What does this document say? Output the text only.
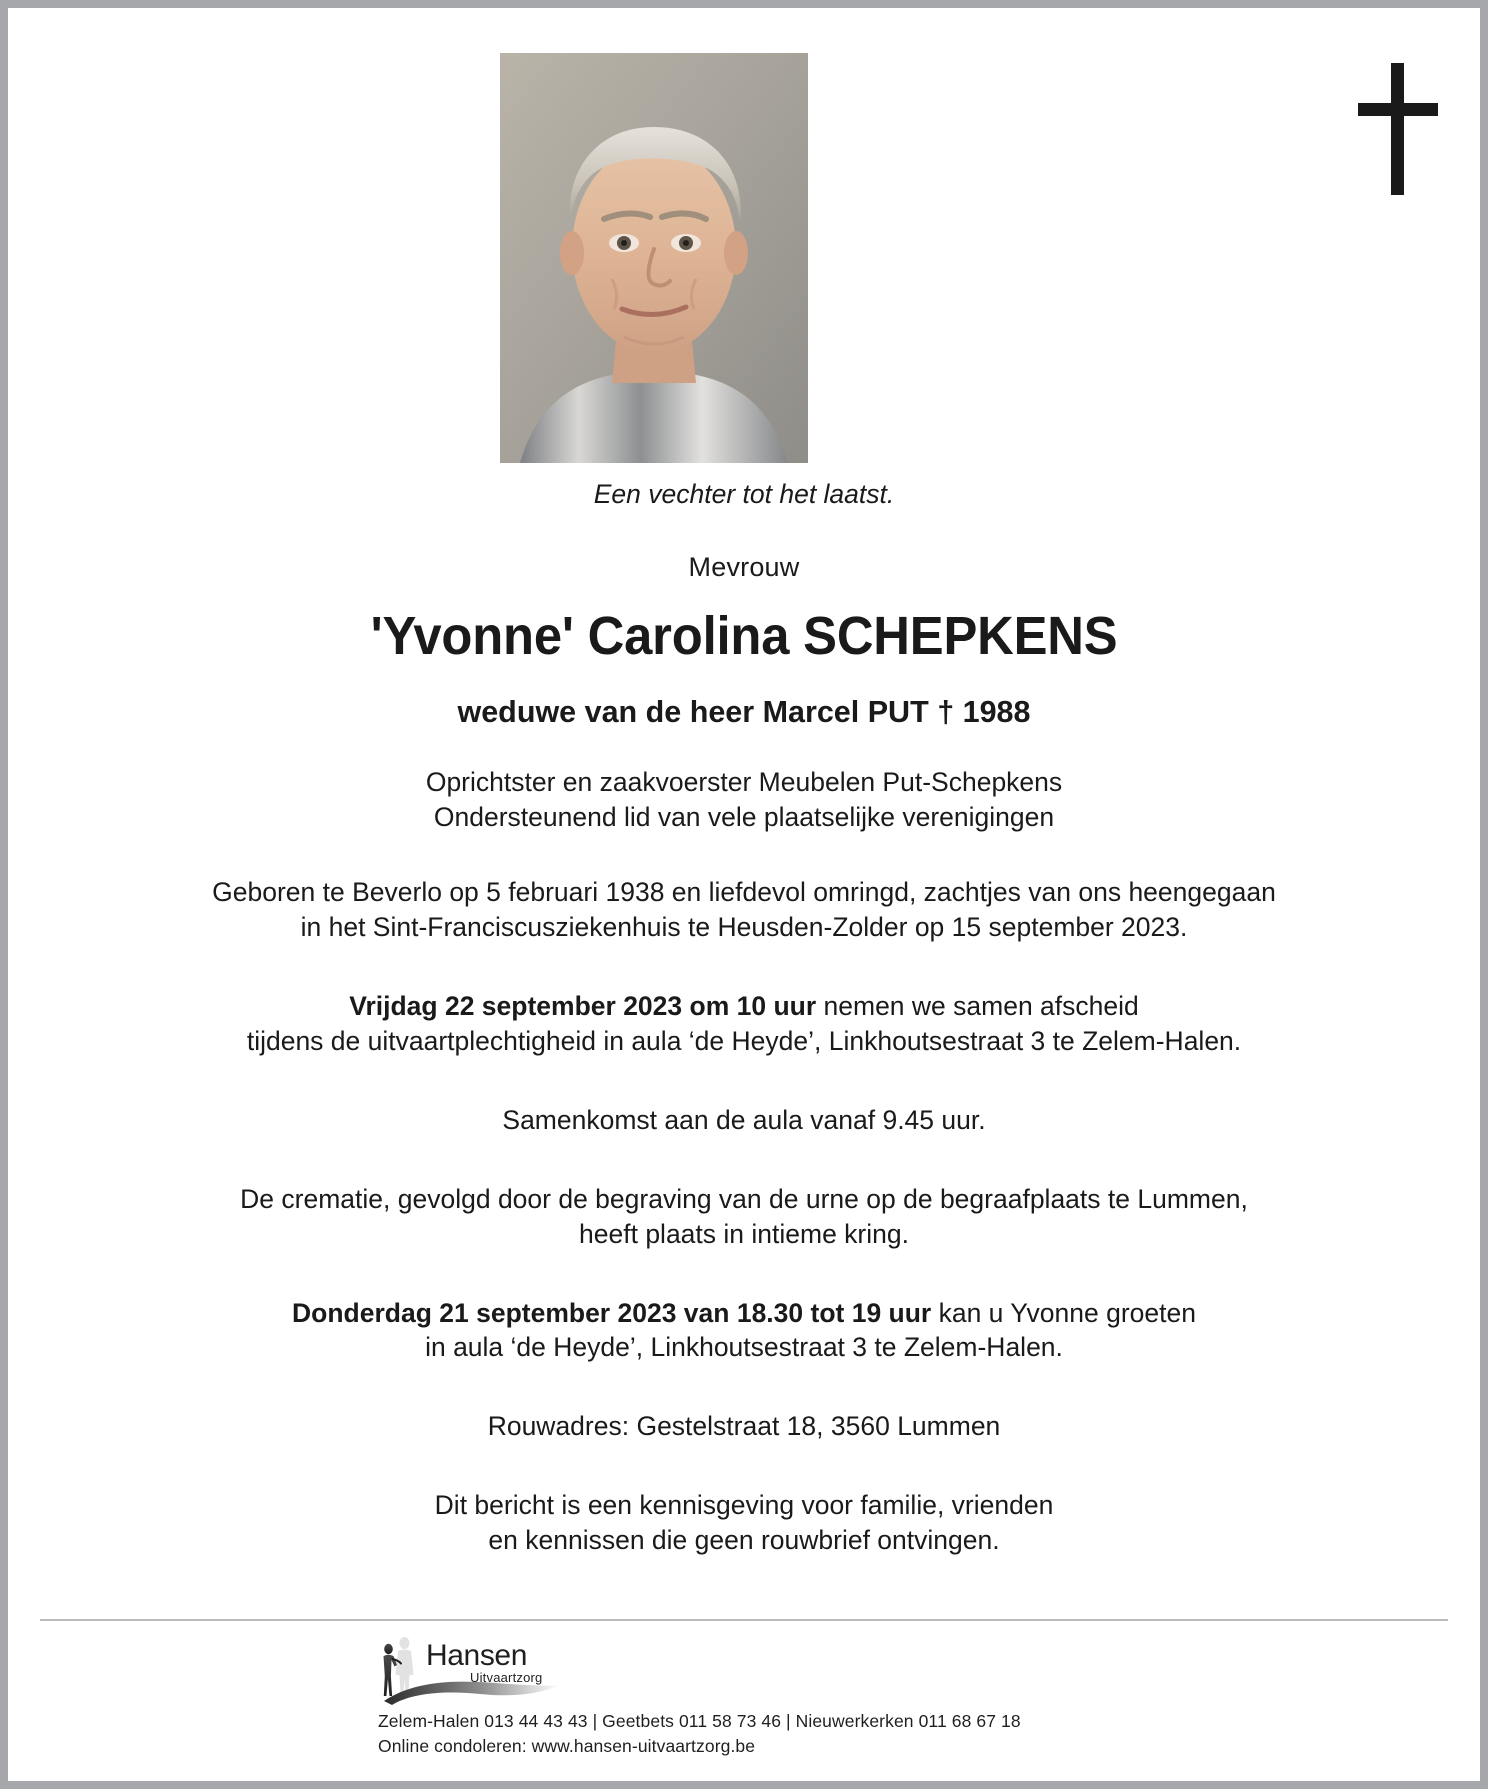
Een vechter tot het laatst.

Mevrouw

'Yvonne' Carolina SCHEPKENS

weduwe van de heer Marcel PUT † 1988

Oprichtster en zaakvoerster Meubelen Put-Schepkens
Ondersteunend lid van vele plaatselijke verenigingen

Geboren te Beverlo op 5 februari 1938 en liefdevol omringd, zachtjes van ons heengegaan
in het Sint-Franciscusziekenhuis te Heusden-Zolder op 15 september 2023.

Vrijdag 22 september 2023 om 10 uur nemen we samen afscheid
tijdens de uitvaartplechtigheid in aula ‘de Heyde’, Linkhoutsestraat 3 te Zelem-Halen.

Samenkomst aan de aula vanaf 9.45 uur.

De crematie, gevolgd door de begraving van de urne op de begraafplaats te Lummen,
heeft plaats in intieme kring.

Donderdag 21 september 2023 van 18.30 tot 19 uur kan u Yvonne groeten
in aula ‘de Heyde’, Linkhoutsestraat 3 te Zelem-Halen.

Rouwadres: Gestelstraat 18, 3560 Lummen

Dit bericht is een kennisgeving voor familie, vrienden
en kennissen die geen rouwbrief ontvingen.

Hansen
Uitvaartzorg
Zelem-Halen 013 44 43 43 | Geetbets 011 58 73 46 | Nieuwerkerken 011 68 67 18
Online condoleren: www.hansen-uitvaartzorg.be
